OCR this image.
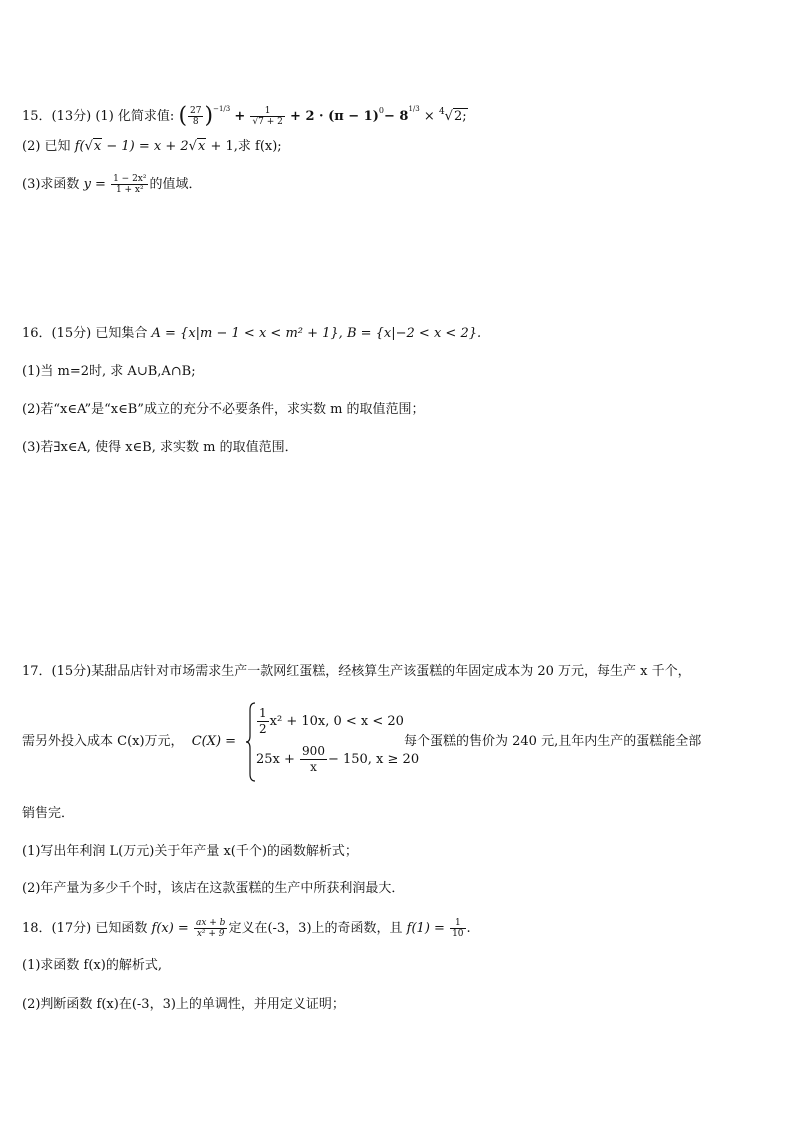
15．(13分) (1) 化简求值: ( $\frac{27}{8} )^{-1/3} + \frac{1}{√7 + 2} + 2 \cdot (\pi - 1)^0- 8^{1/3} \times ^4√2$;
(2) 已知 f(√x − 1) = x + 2√x + 1,求 f(x);
(3)求函数 $y = \frac{\text{1 − 2x²}}{\text{1 + x²}}$ 的值域．
16．(15分) 已知集合 A = {x|m − 1 < x < m² + 1}, B = {x|−2 < x < 2}.
(1)当 m=2时, 求 A∪B,A∩B;
(2)若“x∈A”是“x∈B”成立的充分不必要条件，求实数 m 的取值范围；
(3)若∃x∈A, 使得 x∈B, 求实数 m 的取值范围．
17．(15分)某甜品店针对市场需求生产一款网红蛋糕，经核算生产该蛋糕的年固定成本为 20 万元，每生产 x 千个，
需另外投入成本 C(x)万元， C(X) =
$\frac{1}{2} x^2 + 10x$, 0 < x < 20
$25x + \frac{900}{x} - 150$, x ≥ 20
每个蛋糕的售价为 240 元,且年内生产的蛋糕能全部
销售完．
(1)写出年利润 L(万元)关于年产量 x(千个)的函数解析式；
(2)年产量为多少千个时，该店在这款蛋糕的生产中所获利润最大．
18．(17分) 已知函数 $f(x) = \frac{ax + b}{\text{x² + 9}}$ 定义在(-3，3)上的奇函数，且 $f(1) = \frac{1}{10}$ .
(1)求函数 f(x)的解析式,
(2)判断函数 f(x)在(-3，3)上的单调性，并用定义证明；
